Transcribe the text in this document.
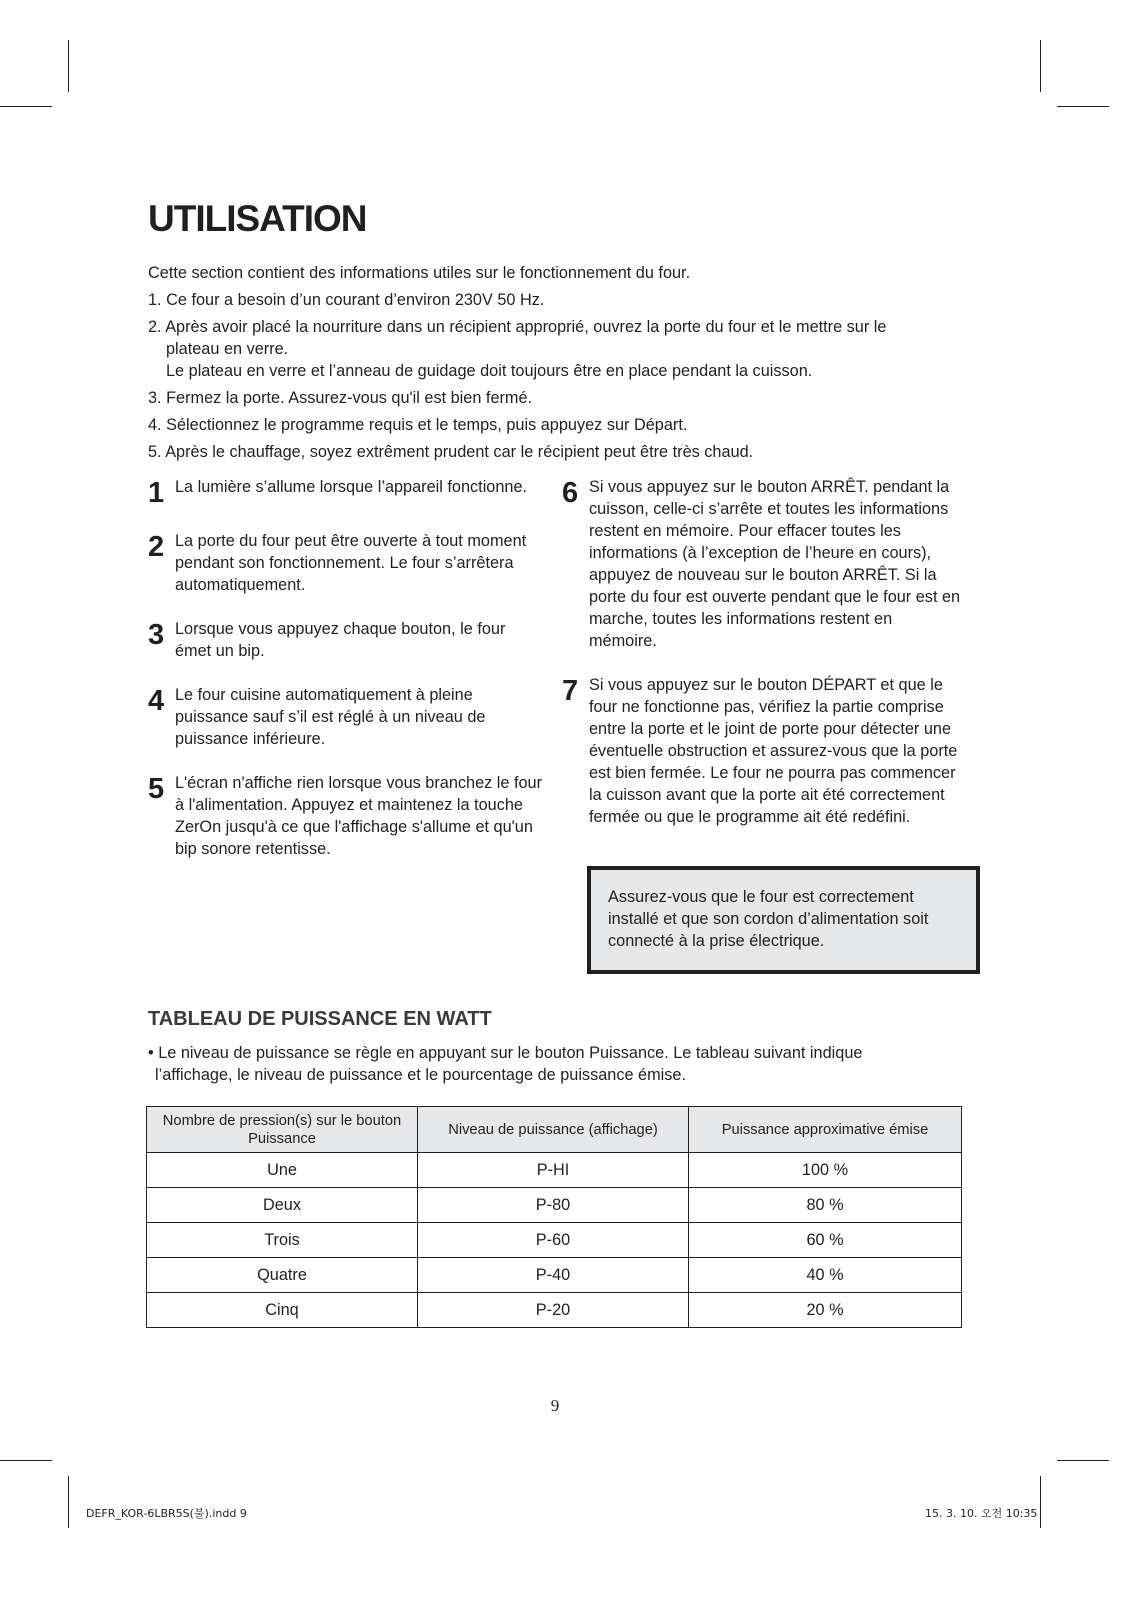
UTILISATION

Cette section contient des informations utiles sur le fonctionnement du four.

1. Ce four a besoin d’un courant d’environ 230V 50 Hz.

2. Après avoir placé la nourriture dans un récipient approprié, ouvrez la porte du four et le mettre sur le

plateau en verre.

Le plateau en verre et l’anneau de guidage doit toujours être en place pendant la cuisson.

3. Fermez la porte. Assurez-vous qu'il est bien fermé.

4. Sélectionnez le programme requis et le temps, puis appuyez sur Départ.

5. Après le chauffage, soyez extrêment prudent car le récipient peut être très chaud.

1 La lumière s’allume lorsque l’appareil fonctionne.
2 La porte du four peut être ouverte à tout moment pendant son fonctionnement. Le four s’arrêtera automatiquement.
3 Lorsque vous appuyez chaque bouton, le four émet un bip.
4 Le four cuisine automatiquement à pleine puissance sauf s’il est réglé à un niveau de puissance inférieure.
5 L'écran n'affiche rien lorsque vous branchez le four à l'alimentation. Appuyez et maintenez la touche ZerOn jusqu'à ce que l'affichage s'allume et qu'un bip sonore retentisse.
6 Si vous appuyez sur le bouton ARRÊT. pendant la cuisson, celle-ci s’arrête et toutes les informations restent en mémoire. Pour effacer toutes les informations (à l’exception de l’heure en cours), appuyez de nouveau sur le bouton ARRÊT. Si la porte du four est ouverte pendant que le four est en marche, toutes les informations restent en mémoire.
7 Si vous appuyez sur le bouton DÉPART et que le four ne fonctionne pas, vérifiez la partie comprise entre la porte et le joint de porte pour détecter une éventuelle obstruction et assurez-vous que la porte est bien fermée. Le four ne pourra pas commencer la cuisson avant que la porte ait été correctement fermée ou que le programme ait été redéfini.
Assurez-vous que le four est correctement installé et que son cordon d’alimentation soit connecté à la prise électrique.
TABLEAU DE PUISSANCE EN WATT
• Le niveau de puissance se règle en appuyant sur le bouton Puissance. Le tableau suivant indique
l’affichage, le niveau de puissance et le pourcentage de puissance émise.
Nombre de pression(s) sur le bouton Puissance	Niveau de puissance (affichage)	Puissance approximative émise
Une	P-HI	100 %
Deux	P-80	80 %
Trois	P-60	60 %
Quatre	P-40	40 %
Cinq	P-20	20 %
9
DEFR_KOR-6LBR5S(불).indd 9	15. 3. 10. 오전 10:35
